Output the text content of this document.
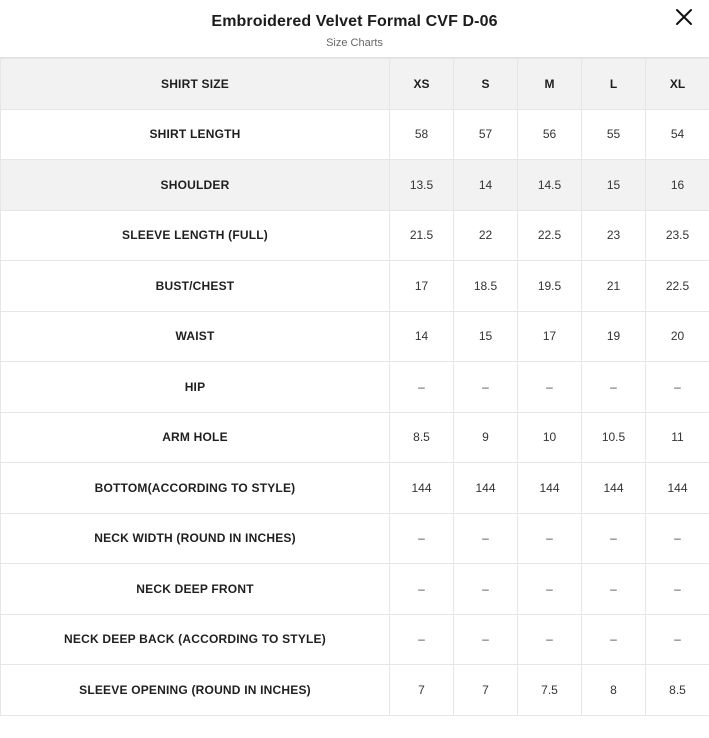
Embroidered Velvet Formal CVF D-06
Size Charts
SHIRT SIZE	XS	S	M	L	XL
SHIRT LENGTH	58	57	56	55	54
SHOULDER	13.5	14	14.5	15	16
SLEEVE LENGTH (FULL)	21.5	22	22.5	23	23.5
BUST/CHEST	17	18.5	19.5	21	22.5
WAIST	14	15	17	19	20
HIP	–	–	–	–	–
ARM HOLE	8.5	9	10	10.5	11
BOTTOM(ACCORDING TO STYLE)	144	144	144	144	144
NECK WIDTH (ROUND IN INCHES)	–	–	–	–	–
NECK DEEP FRONT	–	–	–	–	–
NECK DEEP BACK (ACCORDING TO STYLE)	–	–	–	–	–
SLEEVE OPENING (ROUND IN INCHES)	7	7	7.5	8	8.5
